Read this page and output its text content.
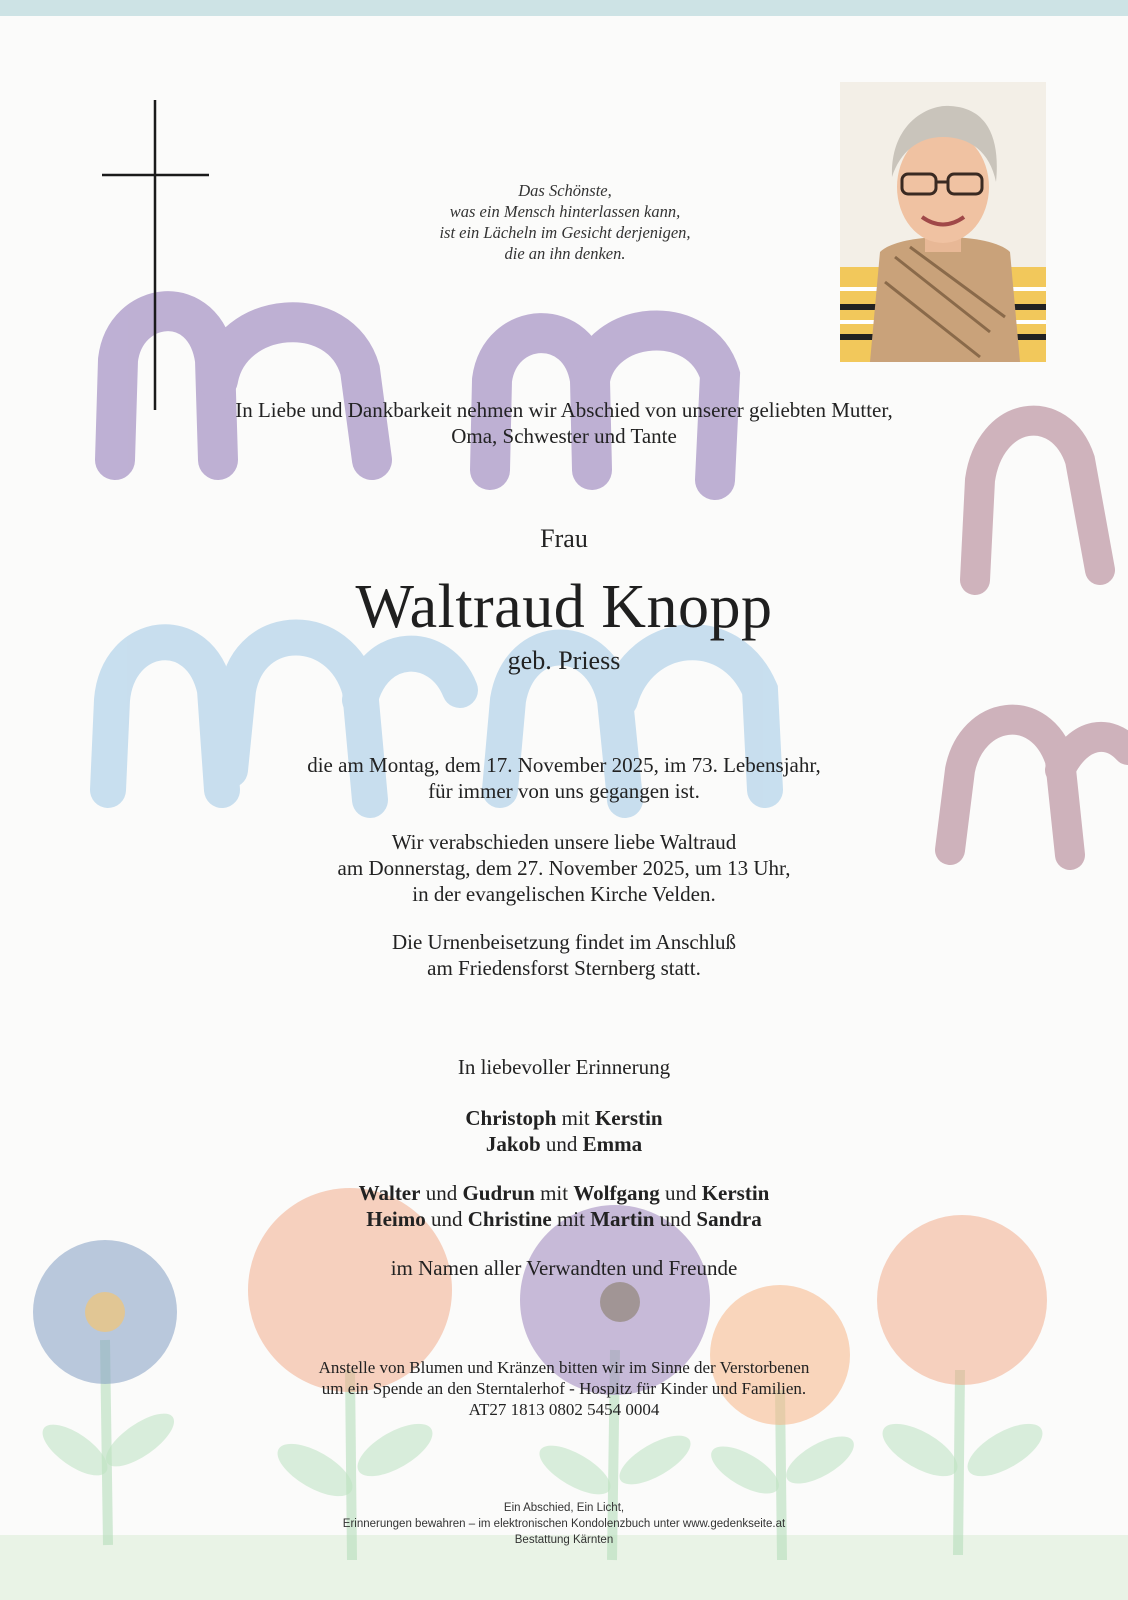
Das Schönste,
was ein Mensch hinterlassen kann,
ist ein Lächeln im Gesicht derjenigen,
die an ihn denken.
In Liebe und Dankbarkeit nehmen wir Abschied von unserer geliebten Mutter,
Oma, Schwester und Tante
Frau
Waltraud Knopp
geb. Priess
die am Montag, dem 17. November 2025, im 73. Lebensjahr,
für immer von uns gegangen ist.
Wir verabschieden unsere liebe Waltraud
am Donnerstag, dem 27. November 2025, um 13 Uhr,
in der evangelischen Kirche Velden.
Die Urnenbeisetzung findet im Anschluß
am Friedensforst Sternberg statt.
In liebevoller Erinnerung
Christoph mit Kerstin
Jakob und Emma
Walter und Gudrun mit Wolfgang und Kerstin
Heimo und Christine mit Martin und Sandra
im Namen aller Verwandten und Freunde
Anstelle von Blumen und Kränzen bitten wir im Sinne der Verstorbenen
um ein Spende an den Sterntalerhof - Hospitz für Kinder und Familien.
AT27 1813 0802 5454 0004
Ein Abschied, Ein Licht,
Erinnerungen bewahren – im elektronischen Kondolenzbuch unter www.gedenkseite.at
Bestattung Kärnten
